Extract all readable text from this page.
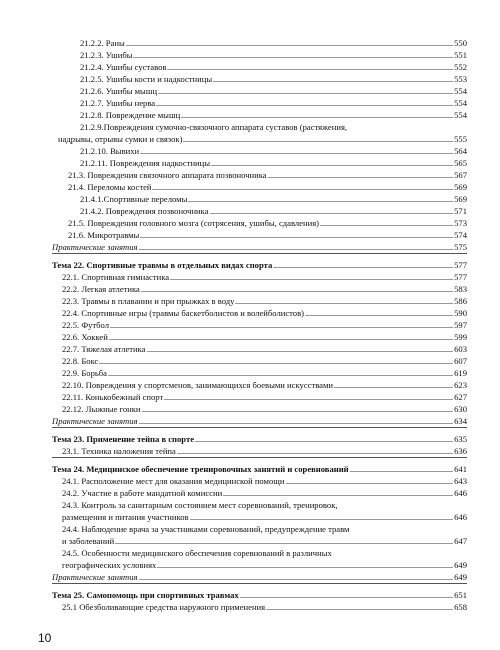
21.2.2. Раны	550
21.2.3. Ушибы	551
21.2.4. Ушибы суставов	552
21.2.5. Ушибы кости и надкостницы	553
21.2.6. Ушибы мышц	554
21.2.7. Ушибы нерва	554
21.2.8. Повреждение мышц	554
21.2.9.Повреждения сумочно-связочного аппарата суставов (растяжения,
надрывы, отрывы сумки и связок)	555
21.2.10. Вывихи	564
21.2.11. Повреждения надкостницы	565
21.3. Повреждения связочного аппарата позвоночника	567
21.4. Переломы костей	569
21.4.1.Спортивные переломы	569
21.4.2. Повреждения позвоночника	571
21.5. Повреждения головного мозга (сотрясения, ушибы, сдавления)	573
21.6. Микротравмы	574
Практические занятия	575
Тема 22. Спортивные травмы в отдельных видах спорта	577
22.1. Спортивная гимнастика	577
22.2. Легкая атлетика	583
22.3. Травмы в плавании и при прыжках в воду	586
22.4. Спортивные игры (травмы баскетболистов и волейболистов)	590
22.5. Футбол	597
22.6. Хоккей	599
22.7. Тяжелая атлетика	603
22.8. Бокс	607
22.9. Борьба	619
22.10. Повреждения у спортсменов, занимающихся боевыми искусствами	623
22.11. Конькобежный спорт	627
22.12. Лыжные гонки	630
Практические занятия	634
Тема 23. Применение тейпа в спорте	635
23.1. Техника наложения тейпа	636
Тема 24. Медицинское обеспечение тренировочных занятий и соревнований	641
24.1. Расположение мест для оказания медицинской помощи	643
24.2. Участие в работе мандатной комиссии	646
24.3. Контроль за санитарным состоянием мест соревнований, тренировок,
размещения и питания участников	646
24.4. Наблюдение врача за участниками соревнований, предупреждение травм
и заболеваний	647
24.5. Особенности медицинского обеспечения соревнований в различных
географических условиях	649
Практические занятия	649
Тема 25. Самопомощь при спортивных травмах	651
25.1 Обезболивающие средства наружного применения	658
10
